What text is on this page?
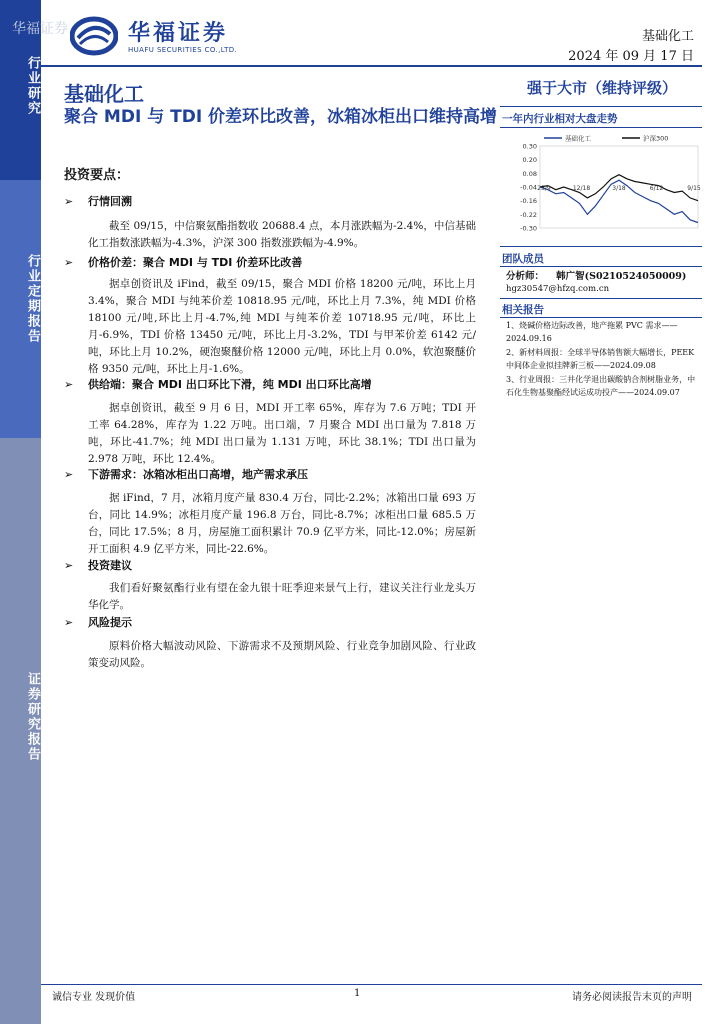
行业研究
行业定期报告
证券研究报告
华福证券	华福证券
HUAFU SECURITIES CO.,LTD.
基础化工
2024 年 09 月 17 日
基础化工
聚合 MDI 与 TDI 价差环比改善，冰箱冰柜出口维持高增
投资要点：
➢ 行情回溯
截至 09/15，中信聚氨酯指数收 20688.4 点，本月涨跌幅为-2.4%，中信基础化工指数涨跌幅为-4.3%，沪深 300 指数涨跌幅为-4.9%。
➢ 价格价差：聚合 MDI 与 TDI 价差环比改善
据卓创资讯及 iFind，截至 09/15，聚合 MDI 价格 18200 元/吨，环比上月 3.4%，聚合 MDI 与纯苯价差 10818.95 元/吨，环比上月 7.3%，纯 MDI 价格 18100 元/吨,环比上月-4.7%,纯 MDI 与纯苯价差 10718.95 元/吨，环比上月-6.9%，TDI 价格 13450 元/吨，环比上月-3.2%，TDI 与甲苯价差 6142 元/吨，环比上月 10.2%，硬泡聚醚价格 12000 元/吨，环比上月 0.0%，软泡聚醚价格 9350 元/吨，环比上月-1.6%。
➢ 供给端：聚合 MDI 出口环比下滑，纯 MDI 出口环比高增
据卓创资讯，截至 9 月 6 日，MDI 开工率 65%，库存为 7.6 万吨；TDI 开工率 64.28%，库存为 1.22 万吨。出口端，7 月聚合 MDI 出口量为 7.818 万吨，环比-41.7%；纯 MDI 出口量为 1.131 万吨，环比 38.1%；TDI 出口量为 2.978 万吨，环比 12.4%。
➢ 下游需求：冰箱冰柜出口高增，地产需求承压
据 iFind，7 月，冰箱月度产量 830.4 万台，同比-2.2%；冰箱出口量 693 万台，同比 14.9%；冰柜月度产量 196.8 万台，同比-8.7%；冰柜出口量 685.5 万台，同比 17.5%；8 月，房屋施工面积累计 70.9 亿平方米，同比-12.0%；房屋新开工面积 4.9 亿平方米，同比-22.6%。
➢ 投资建议
我们看好聚氨酯行业有望在金九银十旺季迎来景气上行，建议关注行业龙头万华化学。
➢ 风险提示
原料价格大幅波动风险、下游需求不及预期风险、行业竞争加剧风险、行业政策变动风险。
强于大市（维持评级）
一年内行业相对大盘走势
0.30
0.20
0.08
-0.04
-0.16
-0.22
-0.30
23/9	12/18	3/18	6/12	9/15
基础化工	沪深300
团队成员
分析师： 韩广智(S0210524050009)
hgz30547@hfzq.com.cn
相关报告
1、烧碱价格边际改善，地产拖累 PVC 需求——2024.09.16
2、新材料周报：全球半导体销售额大幅增长，PEEK 中间体企业拟挂牌新三板——2024.09.08
3、行业周报：三井化学退出碳酸钠合剂树脂业务，中石化生物基聚酯经试运成功投产——2024.09.07
诚信专业 发现价值	1	请务必阅读报告末页的声明
